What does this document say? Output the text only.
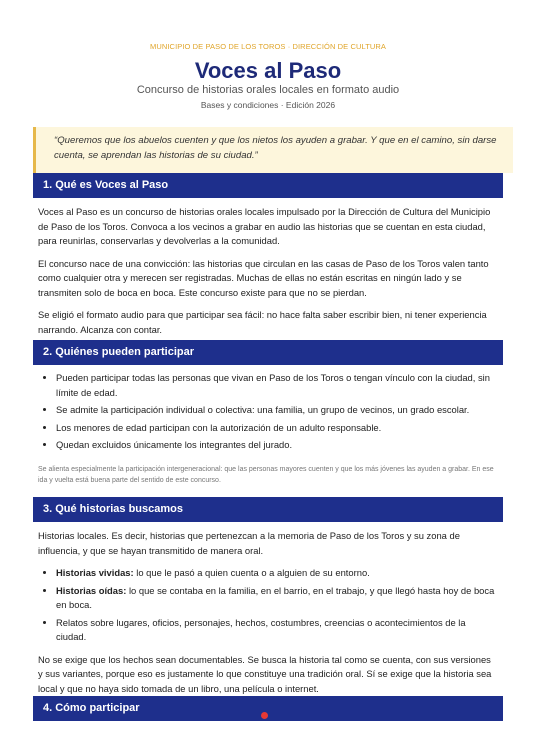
MUNICIPIO DE PASO DE LOS TOROS · DIRECCIÓN DE CULTURA
Voces al Paso
Concurso de historias orales locales en formato audio
Bases y condiciones · Edición 2026
“Queremos que los abuelos cuenten y que los nietos los ayuden a grabar. Y que en el camino, sin darse cuenta, se aprendan las historias de su ciudad.”
1. Qué es Voces al Paso

Voces al Paso es un concurso de historias orales locales impulsado por la Dirección de Cultura del Municipio de Paso de los Toros. Convoca a los vecinos a grabar en audio las historias que se cuentan en esta ciudad, para reunirlas, conservarlas y devolverlas a la comunidad.

El concurso nace de una convicción: las historias que circulan en las casas de Paso de los Toros valen tanto como cualquier otra y merecen ser registradas. Muchas de ellas no están escritas en ningún lado y se transmiten solo de boca en boca. Este concurso existe para que no se pierdan.

Se eligió el formato audio para que participar sea fácil: no hace falta saber escribir bien, ni tener experiencia narrando. Alcanza con contar.

2. Quiénes pueden participar
• Pueden participar todas las personas que vivan en Paso de los Toros o tengan vínculo con la ciudad, sin límite de edad.
• Se admite la participación individual o colectiva: una familia, un grupo de vecinos, un grado escolar.
• Los menores de edad participan con la autorización de un adulto responsable.
• Quedan excluidos únicamente los integrantes del jurado.
Se alienta especialmente la participación intergeneracional: que las personas mayores cuenten y que los más jóvenes las ayuden a grabar. En ese ida y vuelta está buena parte del sentido de este concurso.
3. Qué historias buscamos

Historias locales. Es decir, historias que pertenezcan a la memoria de Paso de los Toros y su zona de influencia, y que se hayan transmitido de manera oral.

• Historias vividas: lo que le pasó a quien cuenta o a alguien de su entorno.
• Historias oídas: lo que se contaba en la familia, en el barrio, en el trabajo, y que llegó hasta hoy de boca en boca.
• Relatos sobre lugares, oficios, personajes, hechos, costumbres, creencias o acontecimientos de la ciudad.

No se exige que los hechos sean documentables. Se busca la historia tal como se cuenta, con sus versiones y sus variantes, porque eso es justamente lo que constituye una tradición oral. Sí se exige que la historia sea local y que no haya sido tomada de un libro, una película o internet.

4. Cómo participar
